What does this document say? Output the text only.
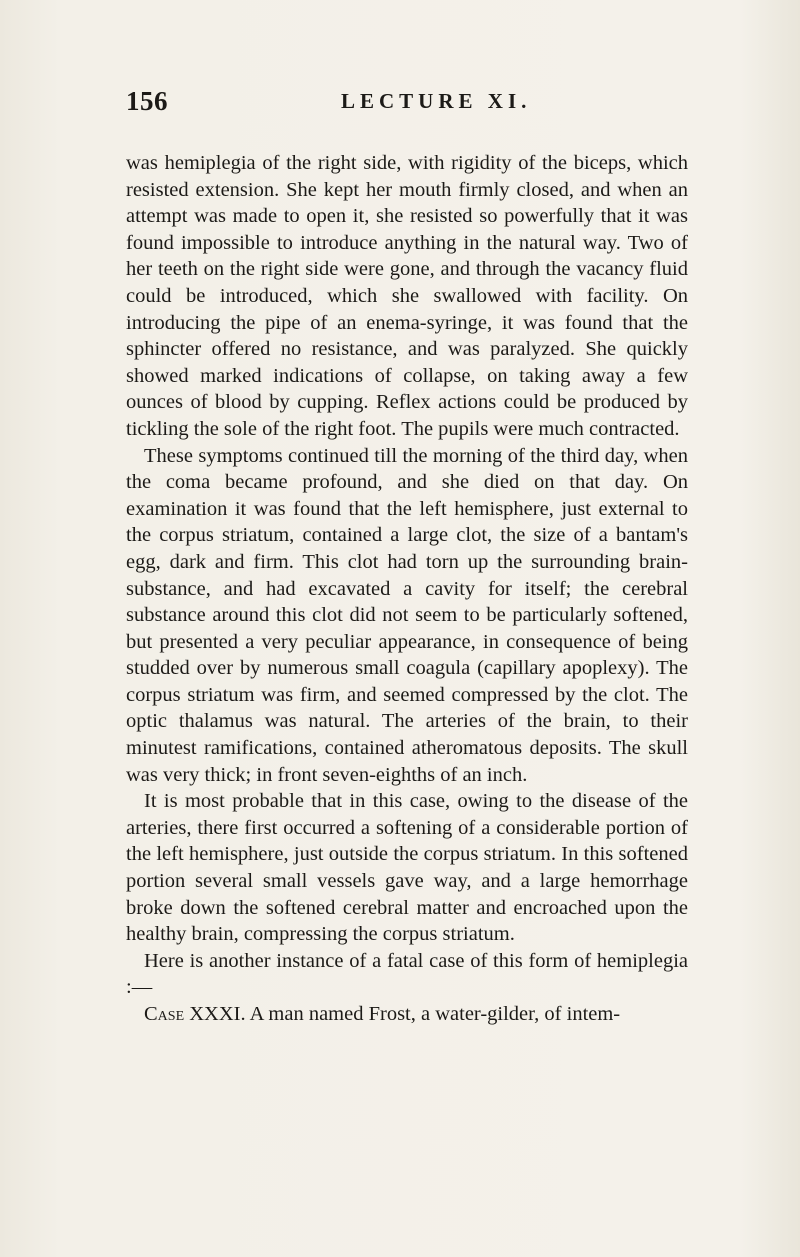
156	LECTURE XI.

was hemiplegia of the right side, with rigidity of the biceps, which resisted extension. She kept her mouth firmly closed, and when an attempt was made to open it, she resisted so powerfully that it was found impossible to introduce anything in the natural way. Two of her teeth on the right side were gone, and through the vacancy fluid could be introduced, which she swallowed with facility. On introducing the pipe of an enema-syringe, it was found that the sphincter offered no resistance, and was paralyzed. She quickly showed marked indications of collapse, on taking away a few ounces of blood by cupping. Reflex actions could be produced by tickling the sole of the right foot. The pupils were much contracted.

These symptoms continued till the morning of the third day, when the coma became profound, and she died on that day. On examination it was found that the left hemisphere, just external to the corpus striatum, contained a large clot, the size of a bantam's egg, dark and firm. This clot had torn up the surrounding brain-substance, and had excavated a cavity for itself; the cerebral substance around this clot did not seem to be particularly softened, but presented a very peculiar appearance, in consequence of being studded over by numerous small coagula (capillary apoplexy). The corpus striatum was firm, and seemed compressed by the clot. The optic thalamus was natural. The arteries of the brain, to their minutest ramifications, contained atheromatous deposits. The skull was very thick; in front seven-eighths of an inch.

It is most probable that in this case, owing to the disease of the arteries, there first occurred a softening of a considerable portion of the left hemisphere, just outside the corpus striatum. In this softened portion several small vessels gave way, and a large hemorrhage broke down the softened cerebral matter and encroached upon the healthy brain, compressing the corpus striatum.

Here is another instance of a fatal case of this form of hemiplegia :—

Case XXXI. A man named Frost, a water-gilder, of intem-
